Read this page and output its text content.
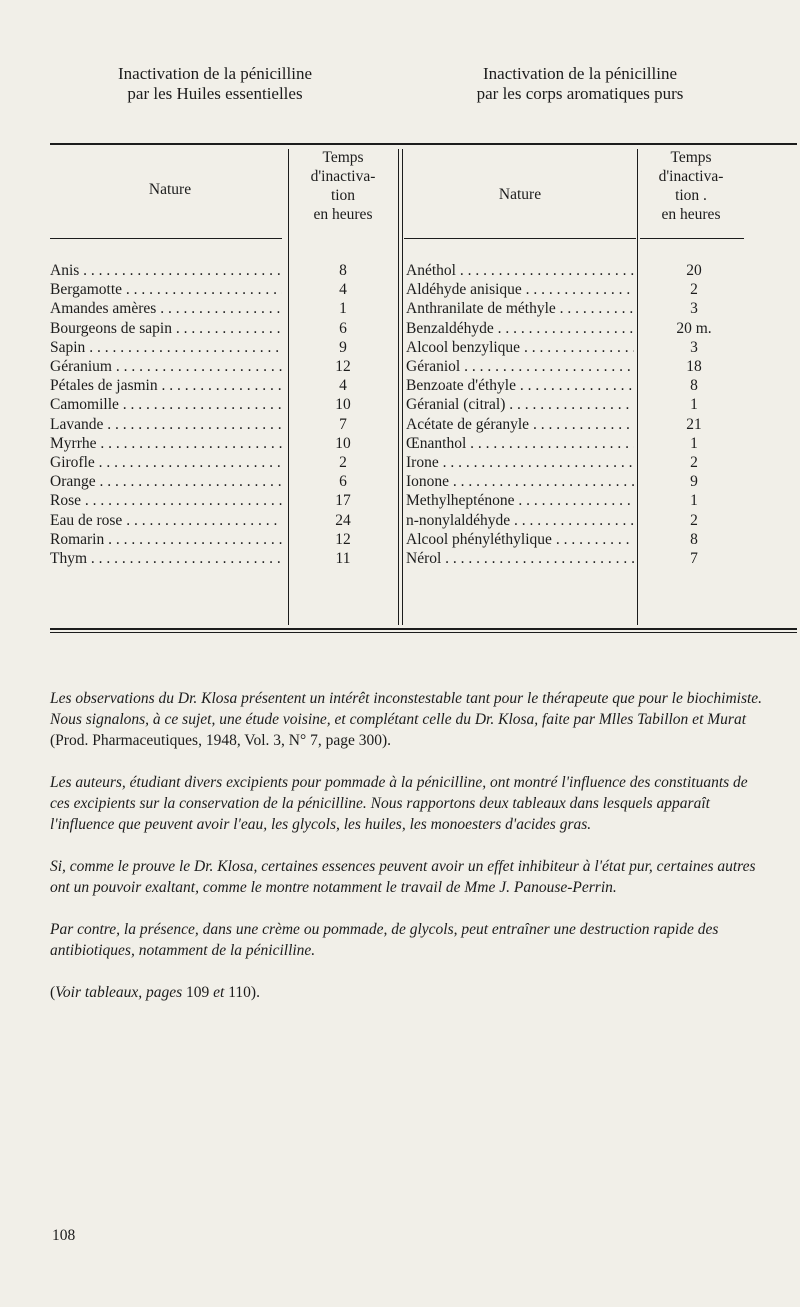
Inactivation de la pénicilline
par les Huiles essentielles
Inactivation de la pénicilline
par les corps aromatiques purs
Nature
Temps
d'inactiva-
tion
en heures
Nature
Temps
d'inactiva-
tion .
en heures
Anis . . .	8
Bergamotte . . .	4
Amandes amères . . .	1
Bourgeons de sapin . . .	6
Sapin . . .	9
Géranium . . .	12
Pétales de jasmin . . .	4
Camomille . . .	10
Lavande . . .	7
Myrrhe . . .	10
Girofle . . .	2
Orange . . .	6
Rose . . .	17
Eau de rose . . .	24
Romarin . . .	12
Thym . . .	11
Anéthol . . .	20
Aldéhyde anisique . . .	2
Anthranilate de méthyle . . .	3
Benzaldéhyde . . .	20 m.
Alcool benzylique . . .	3
Géraniol . . .	18
Benzoate d'éthyle . . .	8
Géranial (citral) . . .	1
Acétate de géranyle . . .	21
Œnanthol . . .	1
Irone . . .	2
Ionone . . .	9
Methylhepténone . . .	1
n-nonylaldéhyde . . .	2
Alcool phényléthylique . . .	8
Nérol . . .	7
Les observations du Dr. Klosa présentent un intérêt inconstestable tant pour le thérapeute que pour le biochimiste. Nous signalons, à ce sujet, une étude voisine, et complétant celle du Dr. Klosa, faite par Mlles Tabillon et Murat (Prod. Pharmaceutiques, 1948, Vol. 3, N° 7, page 300).
Les auteurs, étudiant divers excipients pour pommade à la pénicilline, ont montré l'influence des constituants de ces excipients sur la conservation de la pénicilline. Nous rapportons deux tableaux dans lesquels apparaît l'influence que peuvent avoir l'eau, les glycols, les huiles, les monoesters d'acides gras.
Si, comme le prouve le Dr. Klosa, certaines essences peuvent avoir un effet inhibiteur à l'état pur, certaines autres ont un pouvoir exaltant, comme le montre notamment le travail de Mme J. Panouse-Perrin.
Par contre, la présence, dans une crème ou pommade, de glycols, peut entraîner une destruction rapide des antibiotiques, notamment de la pénicilline.
(Voir tableaux, pages 109 et 110).
108
